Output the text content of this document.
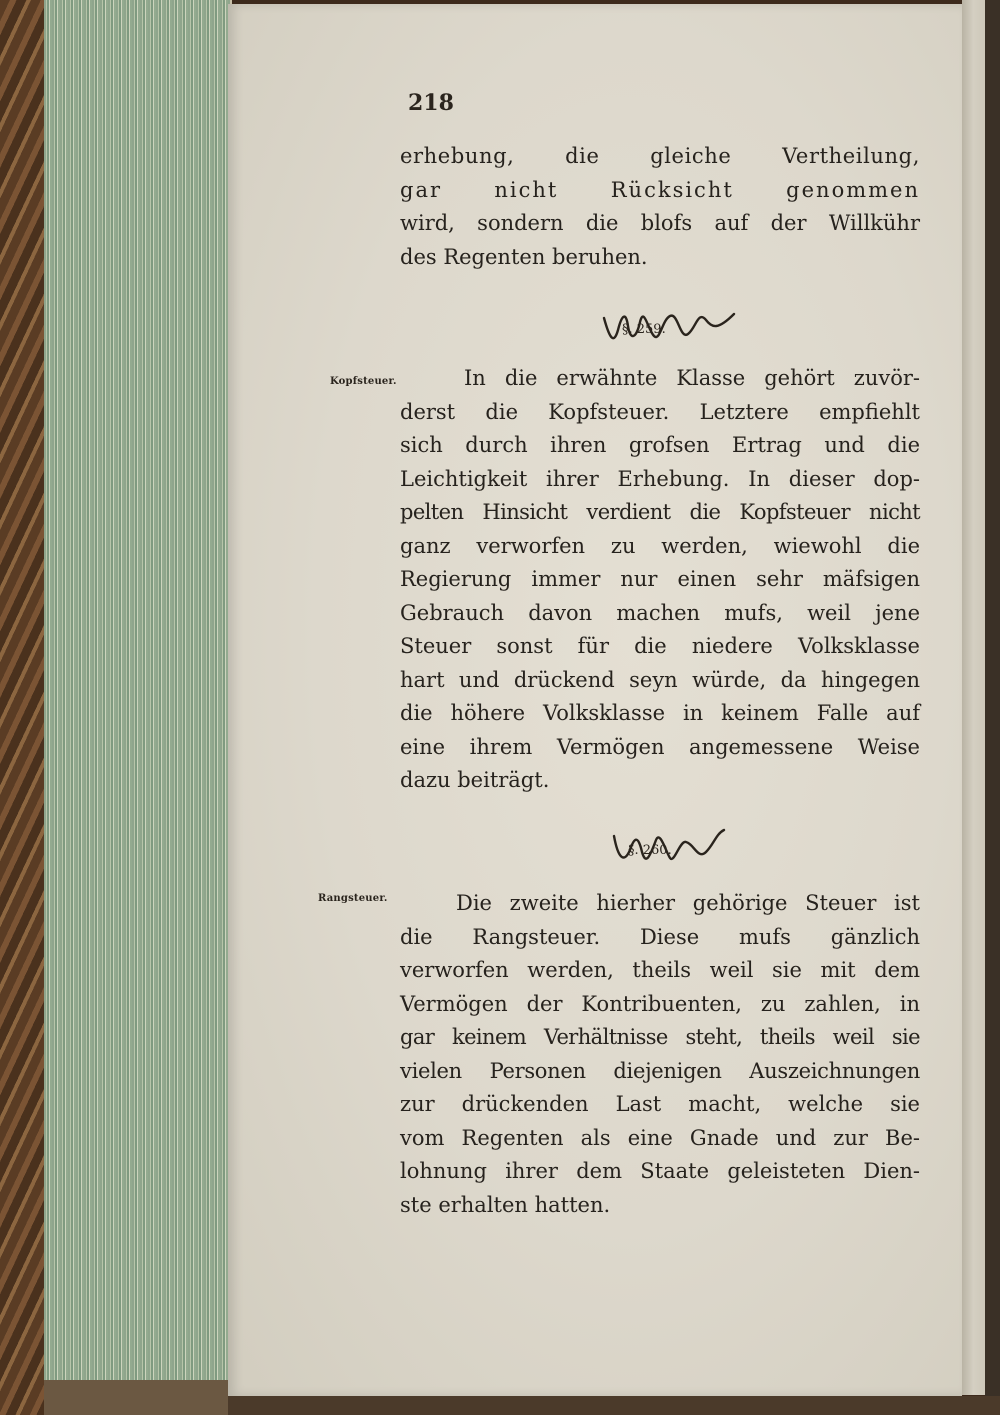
218
erhebung, die gleiche Vertheilung,
gar nicht Rücksicht genommen
wird, sondern die blofs auf der Willkühr
des Regenten beruhen.
§. 259.
Kopfsteuer.	In die erwähnte Klasse gehört zuvör-
derst die Kopfsteuer. Letztere empfiehlt
sich durch ihren grofsen Ertrag und die
Leichtigkeit ihrer Erhebung. In dieser dop-
pelten Hinsicht verdient die Kopfsteuer nicht
ganz verworfen zu werden, wiewohl die
Regierung immer nur einen sehr mäfsigen
Gebrauch davon machen mufs, weil jene
Steuer sonst für die niedere Volksklasse
hart und drückend seyn würde, da hingegen
die höhere Volksklasse in keinem Falle auf
eine ihrem Vermögen angemessene Weise
dazu beiträgt.
§. 260.
Rangsteuer.	Die zweite hierher gehörige Steuer ist
die Rangsteuer. Diese mufs gänzlich
verworfen werden, theils weil sie mit dem
Vermögen der Kontribuenten, zu zahlen, in
gar keinem Verhältnisse steht, theils weil sie
vielen Personen diejenigen Auszeichnungen
zur drückenden Last macht, welche sie
vom Regenten als eine Gnade und zur Be-
lohnung ihrer dem Staate geleisteten Dien-
ste erhalten hatten.
